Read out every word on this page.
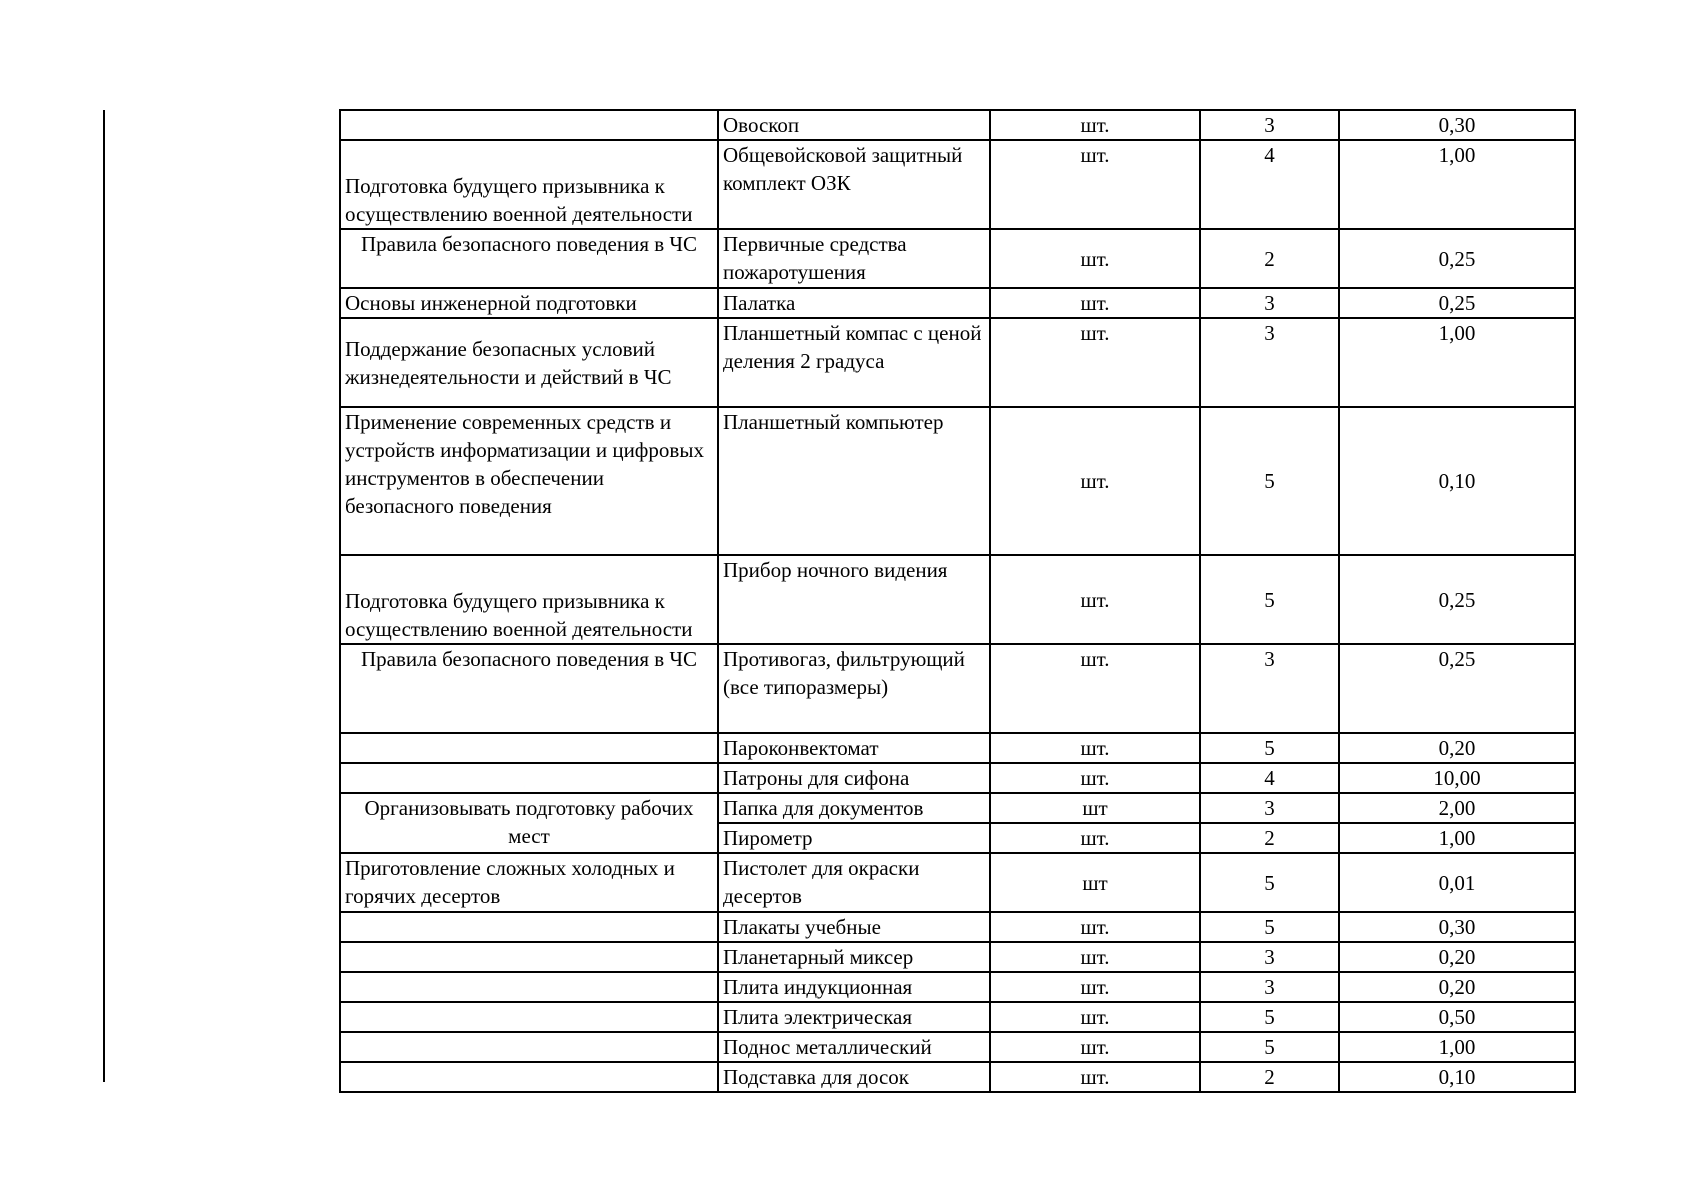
	Овоскоп	шт.	3	0,30
Подготовка будущего призывника к осуществлению военной деятельности	Общевойсковой защитный комплект ОЗК	шт.	4	1,00
Правила безопасного поведения в ЧС	Первичные средства пожаротушения	шт.	2	0,25
Основы инженерной подготовки	Палатка	шт.	3	0,25
Поддержание безопасных условий жизнедеятельности и действий в ЧС	Планшетный компас с ценой деления 2 градуса	шт.	3	1,00
Применение современных средств и устройств информатизации и цифровых инструментов в обеспечении безопасного поведения	Планшетный компьютер	шт.	5	0,10
Подготовка будущего призывника к осуществлению военной деятельности	Прибор ночного видения	шт.	5	0,25
Правила безопасного поведения в ЧС	Противогаз, фильтрующий (все типоразмеры)	шт.	3	0,25
	Пароконвектомат	шт.	5	0,20
	Патроны для сифона	шт.	4	10,00
Организовывать подготовку рабочих мест	Папка для документов	шт	3	2,00
	Пирометр	шт.	2	1,00
Приготовление сложных холодных и горячих десертов	Пистолет для окраски десертов	шт	5	0,01
	Плакаты учебные	шт.	5	0,30
	Планетарный миксер	шт.	3	0,20
	Плита индукционная	шт.	3	0,20
	Плита электрическая	шт.	5	0,50
	Поднос металлический	шт.	5	1,00
	Подставка для досок	шт.	2	0,10
